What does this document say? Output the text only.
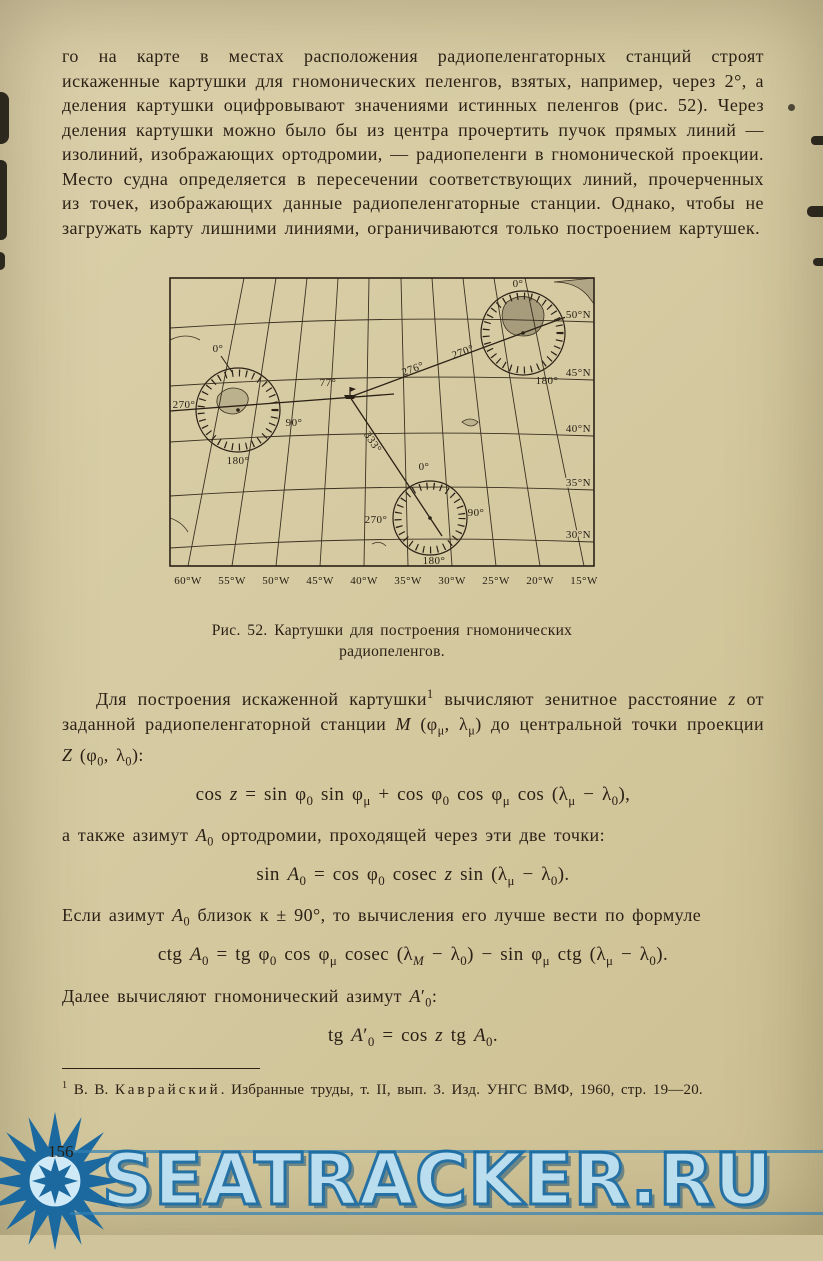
го на карте в местах расположения радиопеленгаторных станций строят искаженные картушки для гномонических пеленгов, взятых, например, через 2°, а деления картушки оцифровывают значениями истинных пеленгов (рис. 52). Через деления картушки можно было бы из центра прочертить пучок прямых линий — изолиний, изображающих ортодромии, — радиопеленги в гномонической проекции. Место судна определяется в пересечении соответствующих линий, прочерченных из точек, изображающих данные радиопеленгаторные станции. Однако, чтобы не загружать карту лишними линиями, ограничиваются только построением картушек.

0°
90°
180°
270°
0°
180°
0°
90°
180°
270°
276°
270°
333°
77°
50°N
45°N
40°N
35°N
30°N
60°W 55°W 50°W 45°W 40°W 35°W 30°W 25°W 20°W 15°W
Рис. 52. Картушки для построения гномонических
радиопеленгов.

Для построения искаженной картушки$^1$ вычисляют зенитное расстояние z от заданной радиопеленгаторной станции M ($\varphi_\mu$, $\lambda_\mu$) до центральной точки проекции Z ($\varphi_0$, $\lambda_0$):

$\cos z = \sin \varphi_0$ $\sin \varphi_\mu + \cos \varphi_0$ $\cos \varphi_\mu$ $\cos (\lambda_\mu - \lambda_0)$,

а также азимут $A_0$ ортодромии, проходящей через эти две точки:

$\sin A_0 = \cos \varphi_0$ cosec z $\sin (\lambda_\mu - \lambda_0)$.

Если азимут $A_0$ близок к ± 90°, то вычисления его лучше вести по формуле

ctg $A_0$ = tg $\varphi_0$ $\cos \varphi_\mu$ cosec $(\lambda_M - \lambda_0) - \sin \varphi_\mu$ ctg $(\lambda_\mu - \lambda_0)$.

Далее вычисляют гномонический азимут $A'_0$:

tg $A'_0 = \cos z$ tg $A_0$.

$^1$ В. В. Каврайский. Избранные труды, т. II, вып. 3. Изд. УНГС ВМФ, 1960, стр. 19—20.

SEATRACKER.RU
156
